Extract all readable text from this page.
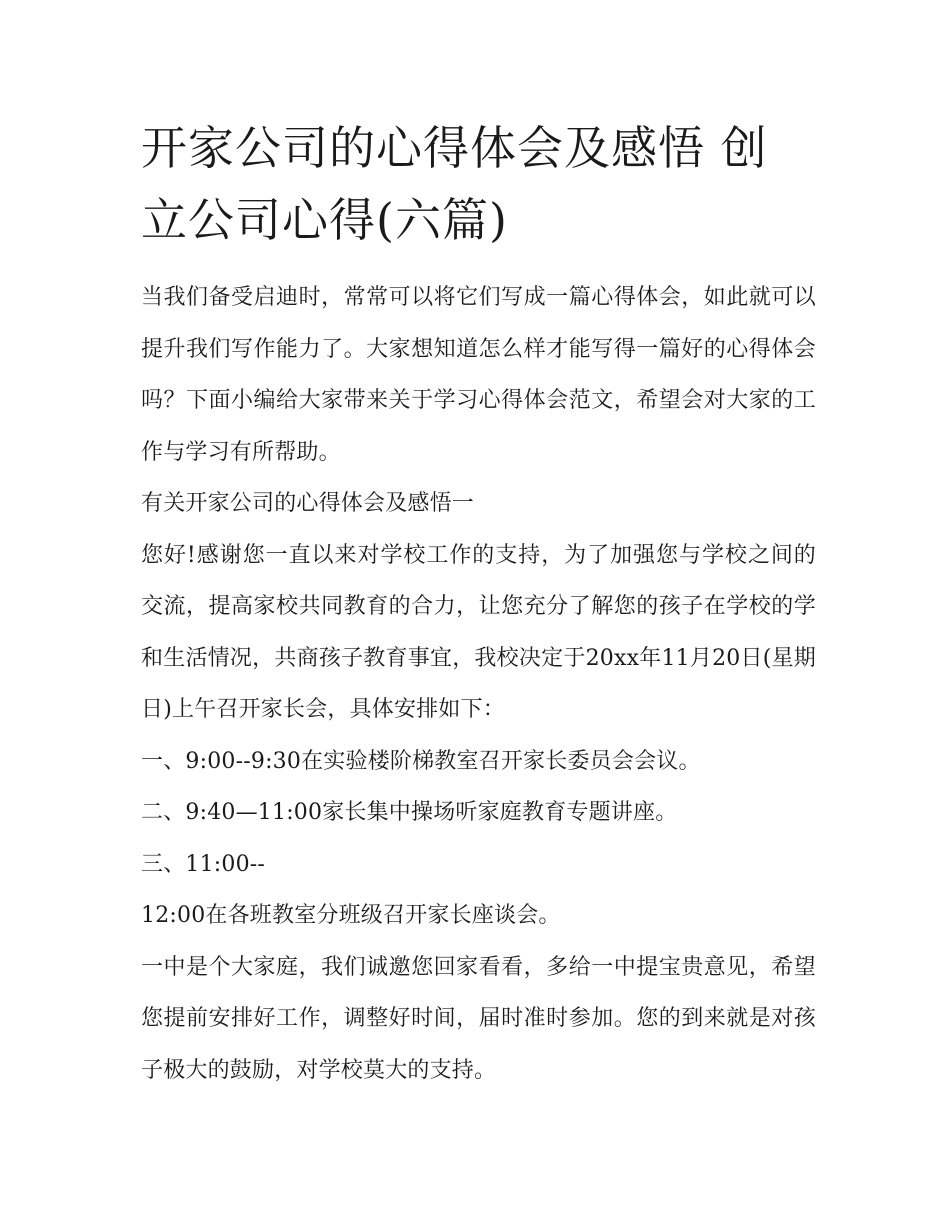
开家公司的心得体会及感悟 创立公司心得(六篇)

当我们备受启迪时，常常可以将它们写成一篇心得体会，如此就可以提升我们写作能力了。大家想知道怎么样才能写得一篇好的心得体会吗？下面小编给大家带来关于学习心得体会范文，希望会对大家的工作与学习有所帮助。

有关开家公司的心得体会及感悟一

您好!感谢您一直以来对学校工作的支持，为了加强您与学校之间的交流，提高家校共同教育的合力，让您充分了解您的孩子在学校的学和生活情况，共商孩子教育事宜，我校决定于20xx年11月20日(星期日)上午召开家长会，具体安排如下：

一、9:00--9:30在实验楼阶梯教室召开家长委员会会议。

二、9:40—11:00家长集中操场听家庭教育专题讲座。

三、11:00--

12:00在各班教室分班级召开家长座谈会。

一中是个大家庭，我们诚邀您回家看看，多给一中提宝贵意见，希望您提前安排好工作，调整好时间，届时准时参加。您的到来就是对孩子极大的鼓励，对学校莫大的支持。
